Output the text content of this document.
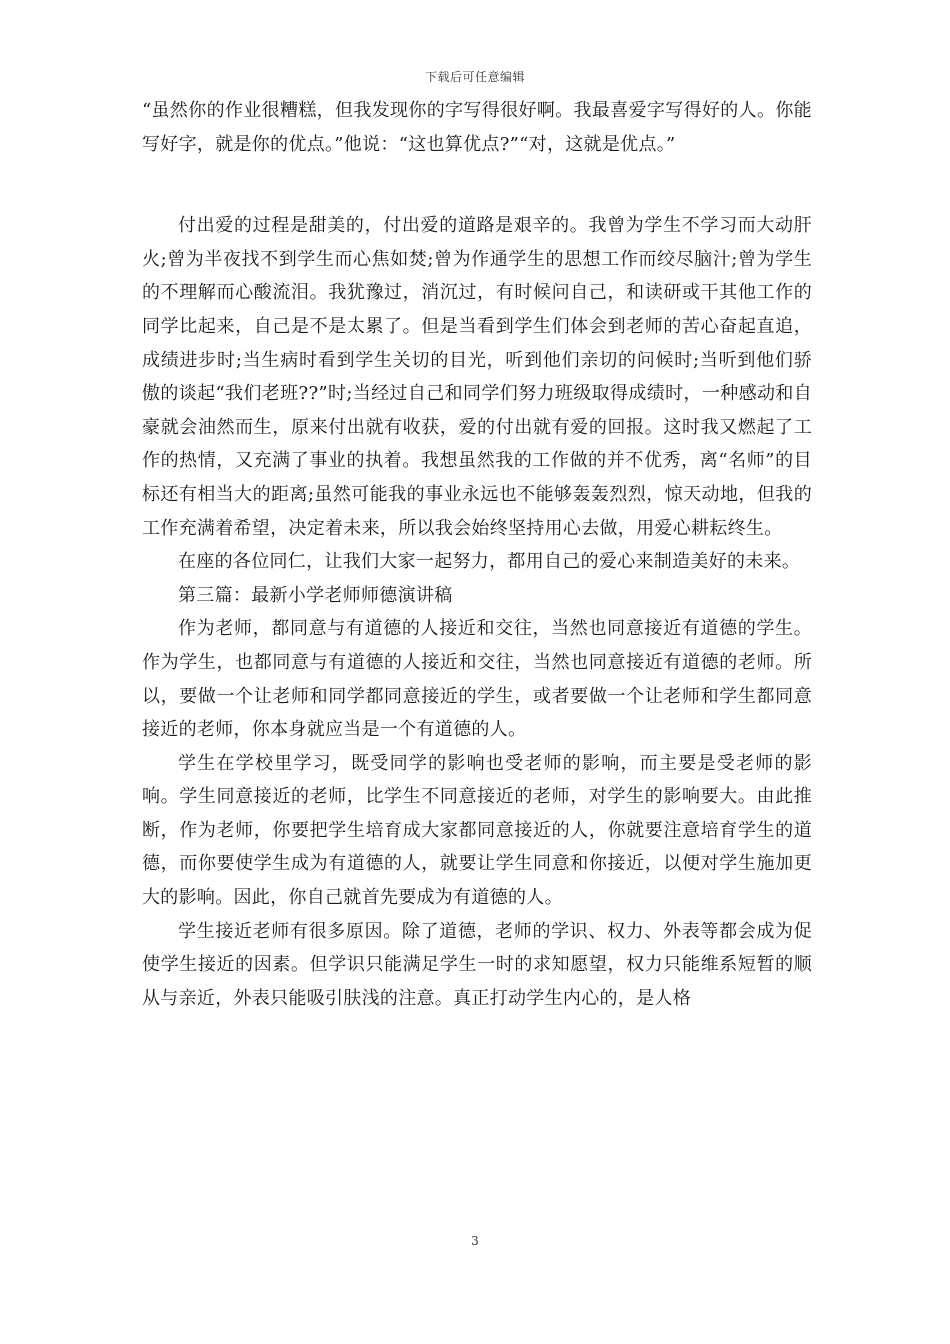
下载后可任意编辑

“虽然你的作业很糟糕，但我发现你的字写得很好啊。我最喜爱字写得好的人。你能写好字，就是你的优点。”他说：“这也算优点?”“对，这就是优点。”

付出爱的过程是甜美的，付出爱的道路是艰辛的。我曾为学生不学习而大动肝火;曾为半夜找不到学生而心焦如焚;曾为作通学生的思想工作而绞尽脑汁;曾为学生的不理解而心酸流泪。我犹豫过，消沉过，有时候问自己，和读研或干其他工作的同学比起来，自己是不是太累了。但是当看到学生们体会到老师的苦心奋起直追，成绩进步时;当生病时看到学生关切的目光，听到他们亲切的问候时;当听到他们骄傲的谈起“我们老班??”时;当经过自己和同学们努力班级取得成绩时，一种感动和自豪就会油然而生，原来付出就有收获，爱的付出就有爱的回报。这时我又燃起了工作的热情，又充满了事业的执着。我想虽然我的工作做的并不优秀，离“名师”的目标还有相当大的距离;虽然可能我的事业永远也不能够轰轰烈烈，惊天动地，但我的工作充满着希望，决定着未来，所以我会始终坚持用心去做，用爱心耕耘终生。

在座的各位同仁，让我们大家一起努力，都用自己的爱心来制造美好的未来。

第三篇：最新小学老师师德演讲稿

作为老师，都同意与有道德的人接近和交往，当然也同意接近有道德的学生。作为学生，也都同意与有道德的人接近和交往，当然也同意接近有道德的老师。所以，要做一个让老师和同学都同意接近的学生，或者要做一个让老师和学生都同意接近的老师，你本身就应当是一个有道德的人。

学生在学校里学习，既受同学的影响也受老师的影响，而主要是受老师的影响。学生同意接近的老师，比学生不同意接近的老师，对学生的影响要大。由此推断，作为老师，你要把学生培育成大家都同意接近的人，你就要注意培育学生的道德，而你要使学生成为有道德的人，就要让学生同意和你接近，以便对学生施加更大的影响。因此，你自己就首先要成为有道德的人。

学生接近老师有很多原因。除了道德，老师的学识、权力、外表等都会成为促使学生接近的因素。但学识只能满足学生一时的求知愿望，权力只能维系短暂的顺从与亲近，外表只能吸引肤浅的注意。真正打动学生内心的，是人格

3
